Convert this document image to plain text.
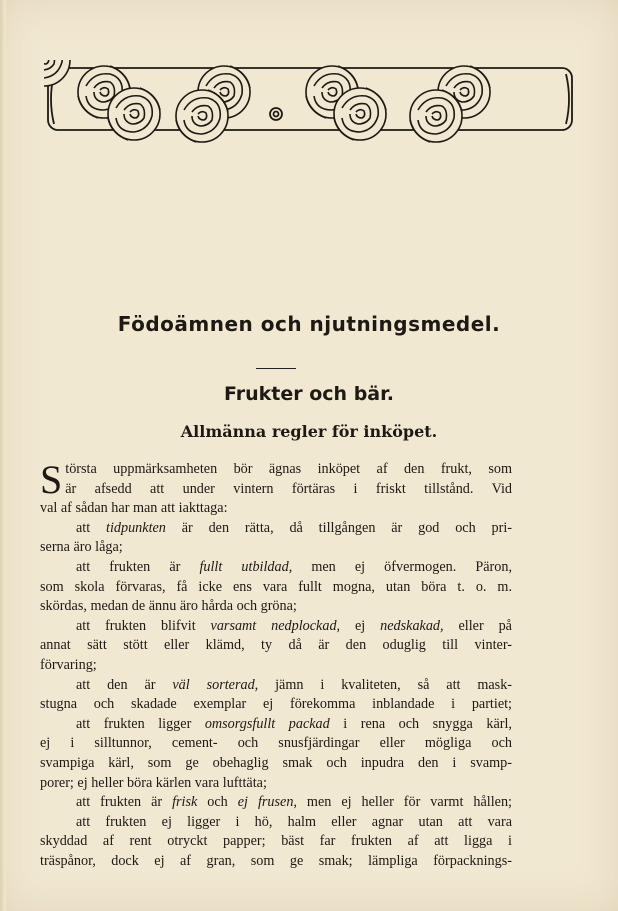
Födoämnen och njutningsmedel.
Frukter och bär.
Allmänna regler för inköpet.
S törsta uppmärksamheten bör ägnas inköpet af den frukt, som
är afsedd att under vintern förtäras i friskt tillstånd. Vid
val af sådan har man att iakttaga:
att tidpunkten är den rätta, då tillgången är god och pri-
serna äro låga;
att frukten är fullt utbildad, men ej öfvermogen. Päron,
som skola förvaras, få icke ens vara fullt mogna, utan böra t. o. m.
skördas, medan de ännu äro hårda och gröna;
att frukten blifvit varsamt nedplockad, ej nedskakad, eller på
annat sätt stött eller klämd, ty då är den oduglig till vinter-
förvaring;
att den är väl sorterad, jämn i kvaliteten, så att mask-
stugna och skadade exemplar ej förekomma inblandade i partiet;
att frukten ligger omsorgsfullt packad i rena och snygga kärl,
ej i silltunnor, cement- och snusfjärdingar eller mögliga och
svampiga kärl, som ge obehaglig smak och inpudra den i svamp-
porer; ej heller böra kärlen vara lufttäta;
att frukten är frisk och ej frusen, men ej heller för varmt hållen;
att frukten ej ligger i hö, halm eller agnar utan att vara
skyddad af rent otryckt papper; bäst far frukten af att ligga i
träspånor, dock ej af gran, som ge smak; lämpliga förpacknings-
